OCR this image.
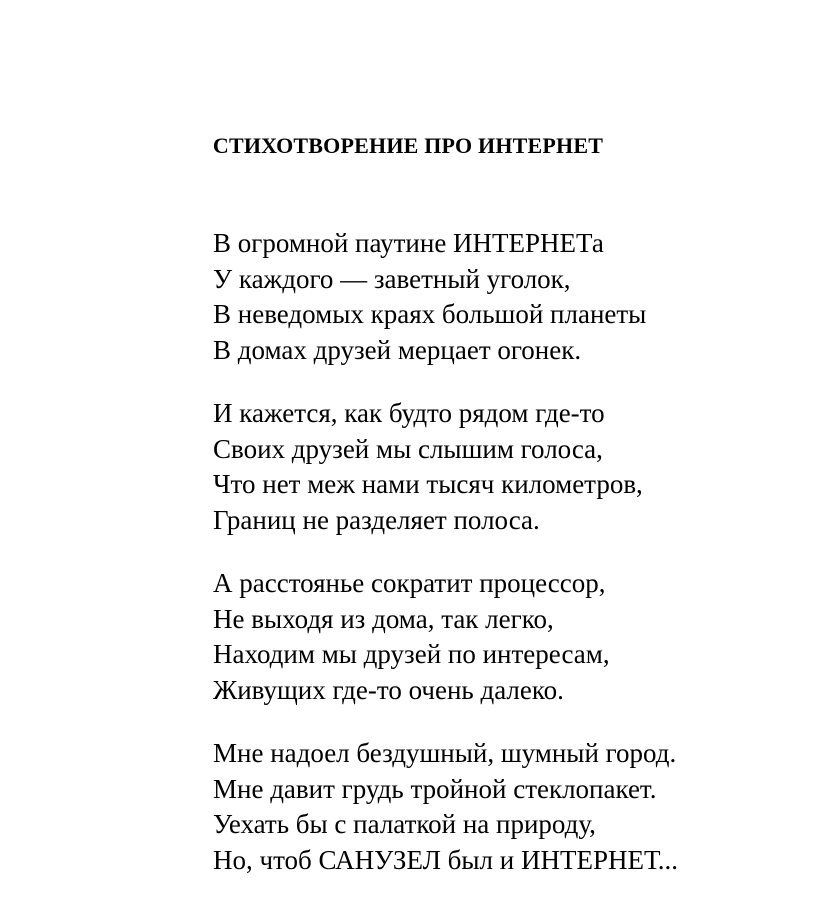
СТИХОТВОРЕНИЕ ПРО ИНТЕРНЕТ
В огромной паутине ИНТЕРНЕТа
У каждого — заветный уголок,
В неведомых краях большой планеты
В домах друзей мерцает огонек.
И кажется, как будто рядом где-то
Своих друзей мы слышим голоса,
Что нет меж нами тысяч километров,
Границ не разделяет полоса.
А расстоянье сократит процессор,
Не выходя из дома, так легко,
Находим мы друзей по интересам,
Живущих где-то очень далеко.
Мне надоел бездушный, шумный город.
Мне давит грудь тройной стеклопакет.
Уехать бы с палаткой на природу,
Но, чтоб САНУЗЕЛ был и ИНТЕРНЕТ...
